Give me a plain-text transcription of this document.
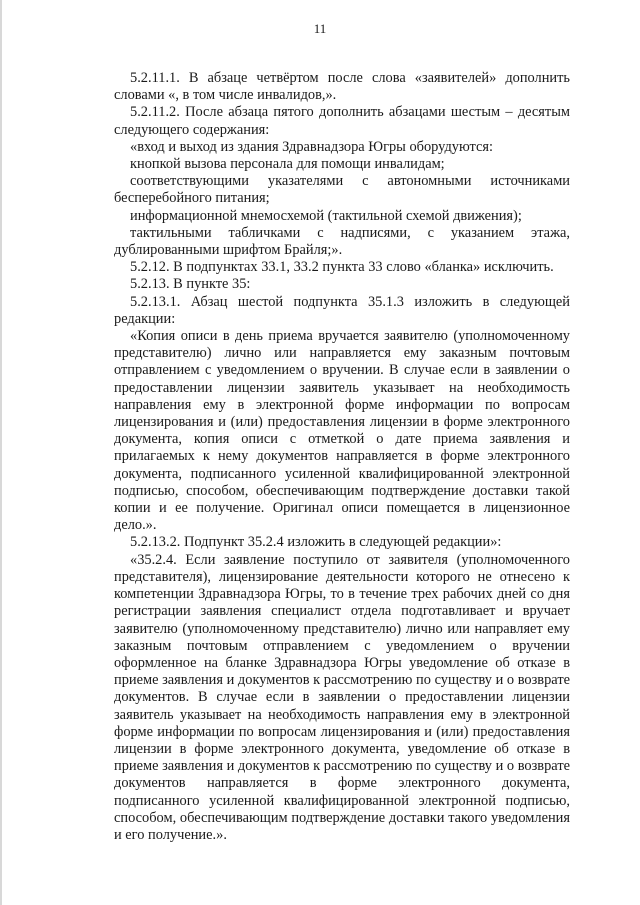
11

5.2.11.1. В абзаце четвёртом после слова «заявителей» дополнить словами «, в том числе инвалидов,».

5.2.11.2. После абзаца пятого дополнить абзацами шестым – десятым следующего содержания:

«вход и выход из здания Здравнадзора Югры оборудуются:

кнопкой вызова персонала для помощи инвалидам;

соответствующими указателями с автономными источниками бесперебойного питания;

информационной мнемосхемой (тактильной схемой движения);

тактильными табличками с надписями, с указанием этажа, дублированными шрифтом Брайля;».

5.2.12. В подпунктах 33.1, 33.2 пункта 33 слово «бланка» исключить.

5.2.13. В пункте 35:

5.2.13.1. Абзац шестой подпункта 35.1.3 изложить в следующей редакции:

«Копия описи в день приема вручается заявителю (уполномоченному представителю) лично или направляется ему заказным почтовым отправлением с уведомлением о вручении. В случае если в заявлении о предоставлении лицензии заявитель указывает на необходимость направления ему в электронной форме информации по вопросам лицензирования и (или) предоставления лицензии в форме электронного документа, копия описи с отметкой о дате приема заявления и прилагаемых к нему документов направляется в форме электронного документа, подписанного усиленной квалифицированной электронной подписью, способом, обеспечивающим подтверждение доставки такой копии и ее получение. Оригинал описи помещается в лицензионное дело.».

5.2.13.2. Подпункт 35.2.4 изложить в следующей редакции»:

«35.2.4. Если заявление поступило от заявителя (уполномоченного представителя), лицензирование деятельности которого не отнесено к компетенции Здравнадзора Югры, то в течение трех рабочих дней со дня регистрации заявления специалист отдела подготавливает и вручает заявителю (уполномоченному представителю) лично или направляет ему заказным почтовым отправлением с уведомлением о вручении оформленное на бланке Здравнадзора Югры уведомление об отказе в приеме заявления и документов к рассмотрению по существу и о возврате документов. В случае если в заявлении о предоставлении лицензии заявитель указывает на необходимость направления ему в электронной форме информации по вопросам лицензирования и (или) предоставления лицензии в форме электронного документа, уведомление об отказе в приеме заявления и документов к рассмотрению по существу и о возврате документов направляется в форме электронного документа, подписанного усиленной квалифицированной электронной подписью, способом, обеспечивающим подтверждение доставки такого уведомления и его получение.».
